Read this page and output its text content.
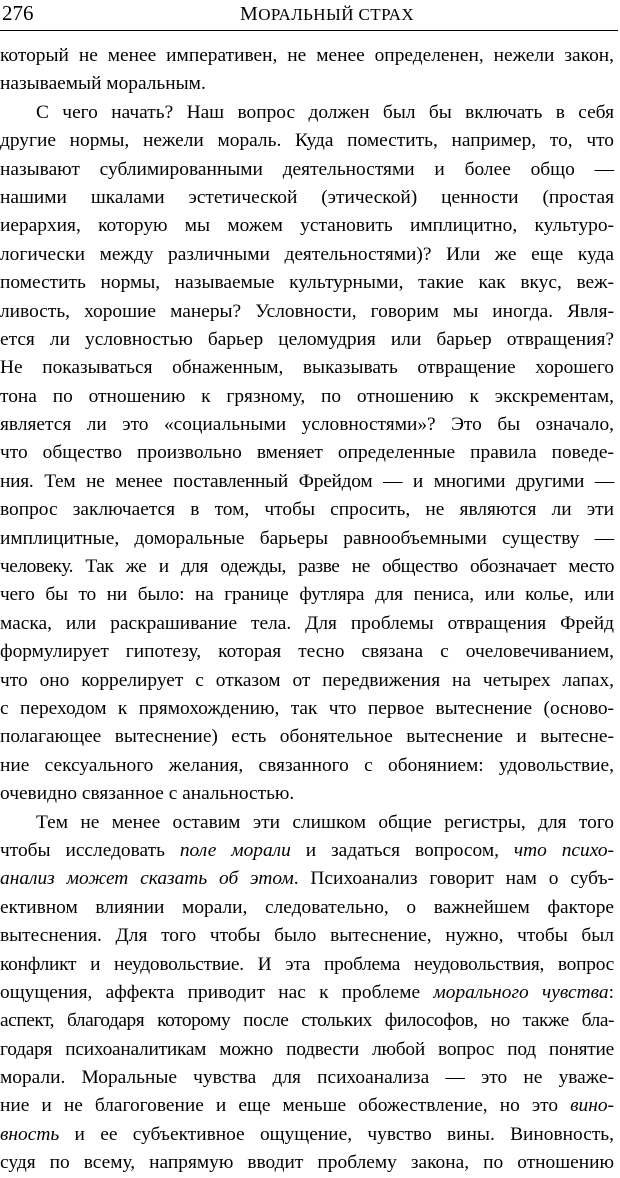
276	МОРАЛЬНЫЙ СТРАХ
который не менее императивен, не менее определенен, нежели закон,
называемый моральным.
С чего начать? Наш вопрос должен был бы включать в себя
другие нормы, нежели мораль. Куда поместить, например, то, что
называют сублимированными деятельностями и более общо —
нашими шкалами эстетической (этической) ценности (простая
иерархия, которую мы можем установить имплицитно, культуро-
логически между различными деятельностями)? Или же еще куда
поместить нормы, называемые культурными, такие как вкус, веж-
ливость, хорошие манеры? Условности, говорим мы иногда. Явля-
ется ли условностью барьер целомудрия или барьер отвращения?
Не показываться обнаженным, выказывать отвращение хорошего
тона по отношению к грязному, по отношению к экскрементам,
является ли это «социальными условностями»? Это бы означало,
что общество произвольно вменяет определенные правила поведе-
ния. Тем не менее поставленный Фрейдом — и многими другими —
вопрос заключается в том, чтобы спросить, не являются ли эти
имплицитные, доморальные барьеры равнообъемными существу —
человеку. Так же и для одежды, разве не общество обозначает место
чего бы то ни было: на границе футляра для пениса, или колье, или
маска, или раскрашивание тела. Для проблемы отвращения Фрейд
формулирует гипотезу, которая тесно связана с очеловечиванием,
что оно коррелирует с отказом от передвижения на четырех лапах,
с переходом к прямохождению, так что первое вытеснение (осново-
полагающее вытеснение) есть обонятельное вытеснение и вытесне-
ние сексуального желания, связанного с обонянием: удовольствие,
очевидно связанное с анальностью.
Тем не менее оставим эти слишком общие регистры, для того
чтобы исследовать поле морали и задаться вопросом, что психо-
анализ может сказать об этом. Психоанализ говорит нам о субъ-
ективном влиянии морали, следовательно, о важнейшем факторе
вытеснения. Для того чтобы было вытеснение, нужно, чтобы был
конфликт и неудовольствие. И эта проблема неудовольствия, вопрос
ощущения, аффекта приводит нас к проблеме морального чувства:
аспект, благодаря которому после стольких философов, но также бла-
годаря психоаналитикам можно подвести любой вопрос под понятие
морали. Моральные чувства для психоанализа — это не уваже-
ние и не благоговение и еще меньше обожествление, но это вино-
вность и ее субъективное ощущение, чувство вины. Виновность,
судя по всему, напрямую вводит проблему закона, по отношению
